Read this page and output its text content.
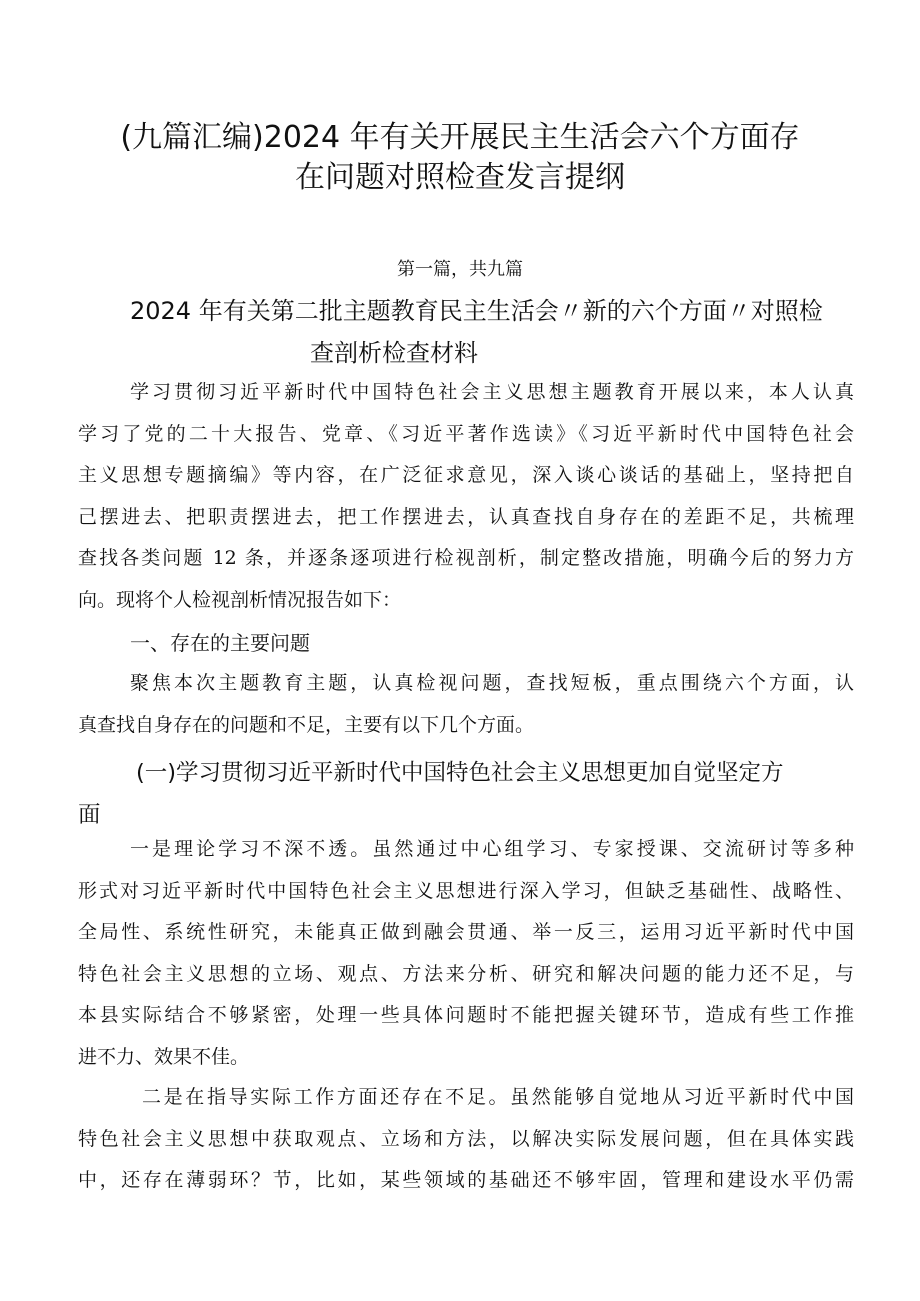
(九篇汇编)2024 年有关开展民主生活会六个方面存
在问题对照检查发言提纲

第一篇，共九篇

2024 年有关第二批主题教育民主生活会〃新的六个方面〃对照检
查剖析检查材料
学习贯彻习近平新时代中国特色社会主义思想主题教育开展以来，本人认真
学习了党的二十大报告、党章、《习近平著作选读》《习近平新时代中国特色社会
主义思想专题摘编》等内容，在广泛征求意见，深入谈心谈话的基础上，坚持把自
己摆进去、把职责摆进去，把工作摆进去，认真查找自身存在的差距不足，共梳理
查找各类问题 12 条，并逐条逐项进行检视剖析，制定整改措施，明确今后的努力方
向。现将个人检视剖析情况报告如下：
一、存在的主要问题
聚焦本次主题教育主题，认真检视问题，查找短板，重点围绕六个方面，认
真查找自身存在的问题和不足，主要有以下几个方面。
(一)学习贯彻习近平新时代中国特色社会主义思想更加自觉坚定方
面
一是理论学习不深不透。虽然通过中心组学习、专家授课、交流研讨等多种
形式对习近平新时代中国特色社会主义思想进行深入学习，但缺乏基础性、战略性、
全局性、系统性研究，未能真正做到融会贯通、举一反三，运用习近平新时代中国
特色社会主义思想的立场、观点、方法来分析、研究和解决问题的能力还不足，与
本县实际结合不够紧密，处理一些具体问题时不能把握关键环节，造成有些工作推
进不力、效果不佳。
二是在指导实际工作方面还存在不足。虽然能够自觉地从习近平新时代中国
特色社会主义思想中获取观点、立场和方法，以解决实际发展问题，但在具体实践
中，还存在薄弱环？节，比如，某些领域的基础还不够牢固，管理和建设水平仍需
